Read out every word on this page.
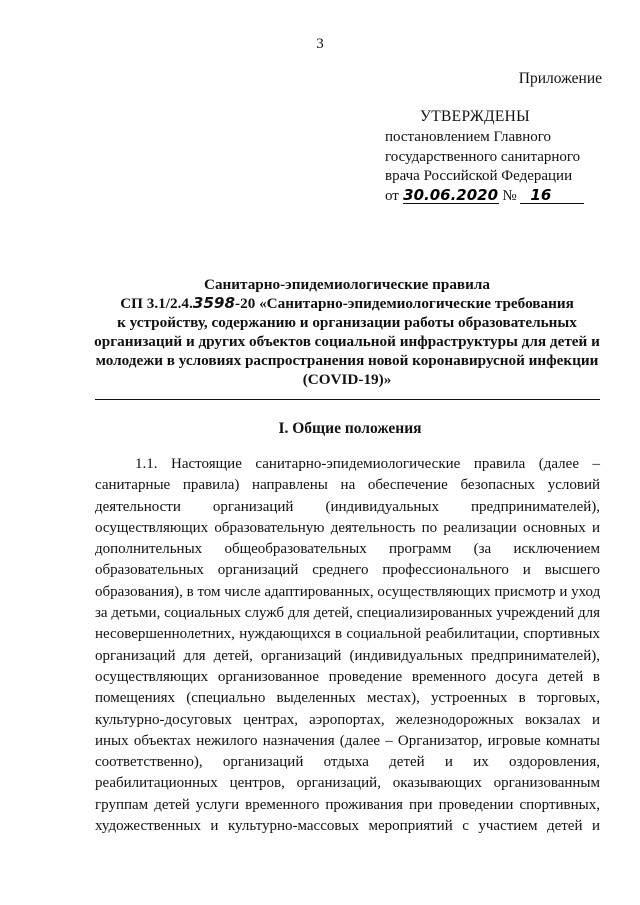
3
Приложение
УТВЕРЖДЕНЫ
постановлением Главного
государственного санитарного
врача Российской Федерации
от 30.06.2020 № 16
Санитарно-эпидемиологические правила
СП 3.1/2.4.3598-20 «Санитарно-эпидемиологические требования
к устройству, содержанию и организации работы образовательных
организаций и других объектов социальной инфраструктуры для детей и
молодежи в условиях распространения новой коронавирусной инфекции
(COVID-19)»
I. Общие положения
1.1. Настоящие санитарно-эпидемиологические правила (далее –
санитарные правила) направлены на обеспечение безопасных условий
деятельности организаций (индивидуальных предпринимателей),
осуществляющих образовательную деятельность по реализации основных и
дополнительных общеобразовательных программ (за исключением
образовательных организаций среднего профессионального и высшего
образования), в том числе адаптированных, осуществляющих присмотр и уход
за детьми, социальных служб для детей, специализированных учреждений для
несовершеннолетних, нуждающихся в социальной реабилитации, спортивных
организаций для детей, организаций (индивидуальных предпринимателей),
осуществляющих организованное проведение временного досуга детей в
помещениях (специально выделенных местах), устроенных в торговых,
культурно-досуговых центрах, аэропортах, железнодорожных вокзалах и
иных объектах нежилого назначения (далее – Организатор, игровые комнаты
соответственно), организаций отдыха детей и их оздоровления,
реабилитационных центров, организаций, оказывающих организованным
группам детей услуги временного проживания при проведении спортивных,
художественных и культурно-массовых мероприятий с участием детей и
